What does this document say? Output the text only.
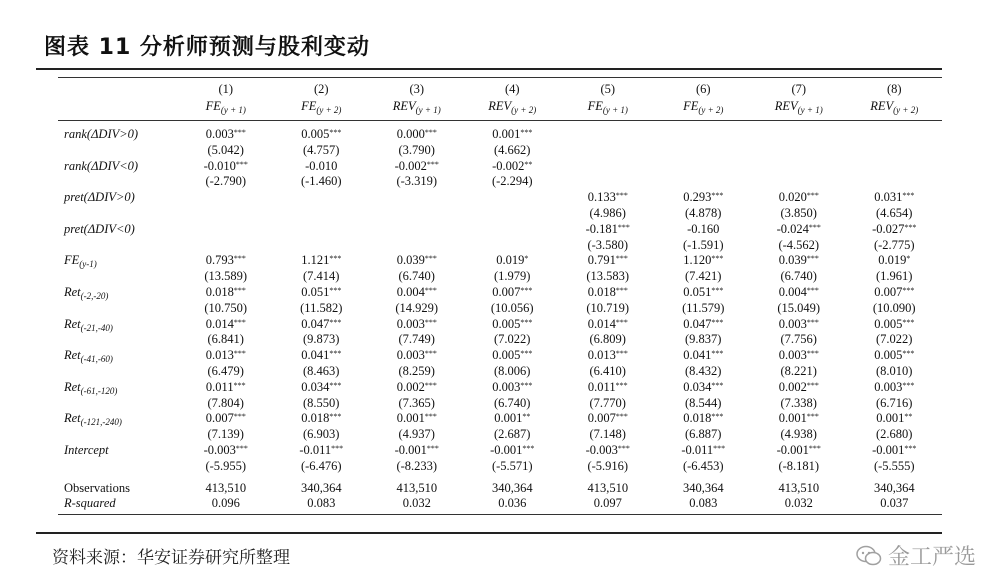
图表 11 分析师预测与股利变动
	(1)	(2)	(3)	(4)	(5)	(6)	(7)	(8)
	$FE_{(y + 1)}$	$FE_{(y + 2)}$	$REV_{(y + 1)}$	$REV_{(y + 2)}$	$FE_{(y + 1)}$	$FE_{(y + 2)}$	$REV_{(y + 1)}$	$REV_{(y + 2)}$

rank(ΔDIV>0)	0.003***	0.005***	0.000***	0.001***				
	(5.042)	(4.757)	(3.790)	(4.662)				
rank(ΔDIV<0)	-0.010***	-0.010	-0.002***	-0.002**				
	(-2.790)	(-1.460)	(-3.319)	(-2.294)				
pret(ΔDIV>0)					0.133***	0.293***	0.020***	0.031***
					(4.986)	(4.878)	(3.850)	(4.654)
pret(ΔDIV<0)					-0.181***	-0.160	-0.024***	-0.027***
					(-3.580)	(-1.591)	(-4.562)	(-2.775)
$FE_{(y-1)}$	0.793***	1.121***	0.039***	0.019*	0.791***	1.120***	0.039***	0.019*
	(13.589)	(7.414)	(6.740)	(1.979)	(13.583)	(7.421)	(6.740)	(1.961)
Ret$_{(-2,-20)}$	0.018***	0.051***	0.004***	0.007***	0.018***	0.051***	0.004***	0.007***
	(10.750)	(11.582)	(14.929)	(10.056)	(10.719)	(11.579)	(15.049)	(10.090)
Ret$_{(-21,-40)}$	0.014***	0.047***	0.003***	0.005***	0.014***	0.047***	0.003***	0.005***
	(6.841)	(9.873)	(7.749)	(7.022)	(6.809)	(9.837)	(7.756)	(7.022)
Ret$_{(-41,-60)}$	0.013***	0.041***	0.003***	0.005***	0.013***	0.041***	0.003***	0.005***
	(6.479)	(8.463)	(8.259)	(8.006)	(6.410)	(8.432)	(8.221)	(8.010)
Ret$_{(-61,-120)}$	0.011***	0.034***	0.002***	0.003***	0.011***	0.034***	0.002***	0.003***
	(7.804)	(8.550)	(7.365)	(6.740)	(7.770)	(8.544)	(7.338)	(6.716)
Ret$_{(-121,-240)}$	0.007***	0.018***	0.001***	0.001**	0.007***	0.018***	0.001***	0.001**
	(7.139)	(6.903)	(4.937)	(2.687)	(7.148)	(6.887)	(4.938)	(2.680)
Intercept	-0.003***	-0.011***	-0.001***	-0.001***	-0.003***	-0.011***	-0.001***	-0.001***
	(-5.955)	(-6.476)	(-8.233)	(-5.571)	(-5.916)	(-6.453)	(-8.181)	(-5.555)

Observations	413,510	340,364	413,510	340,364	413,510	340,364	413,510	340,364
R-squared	0.096	0.083	0.032	0.036	0.097	0.083	0.032	0.037
资料来源：华安证券研究所整理	金工严选
